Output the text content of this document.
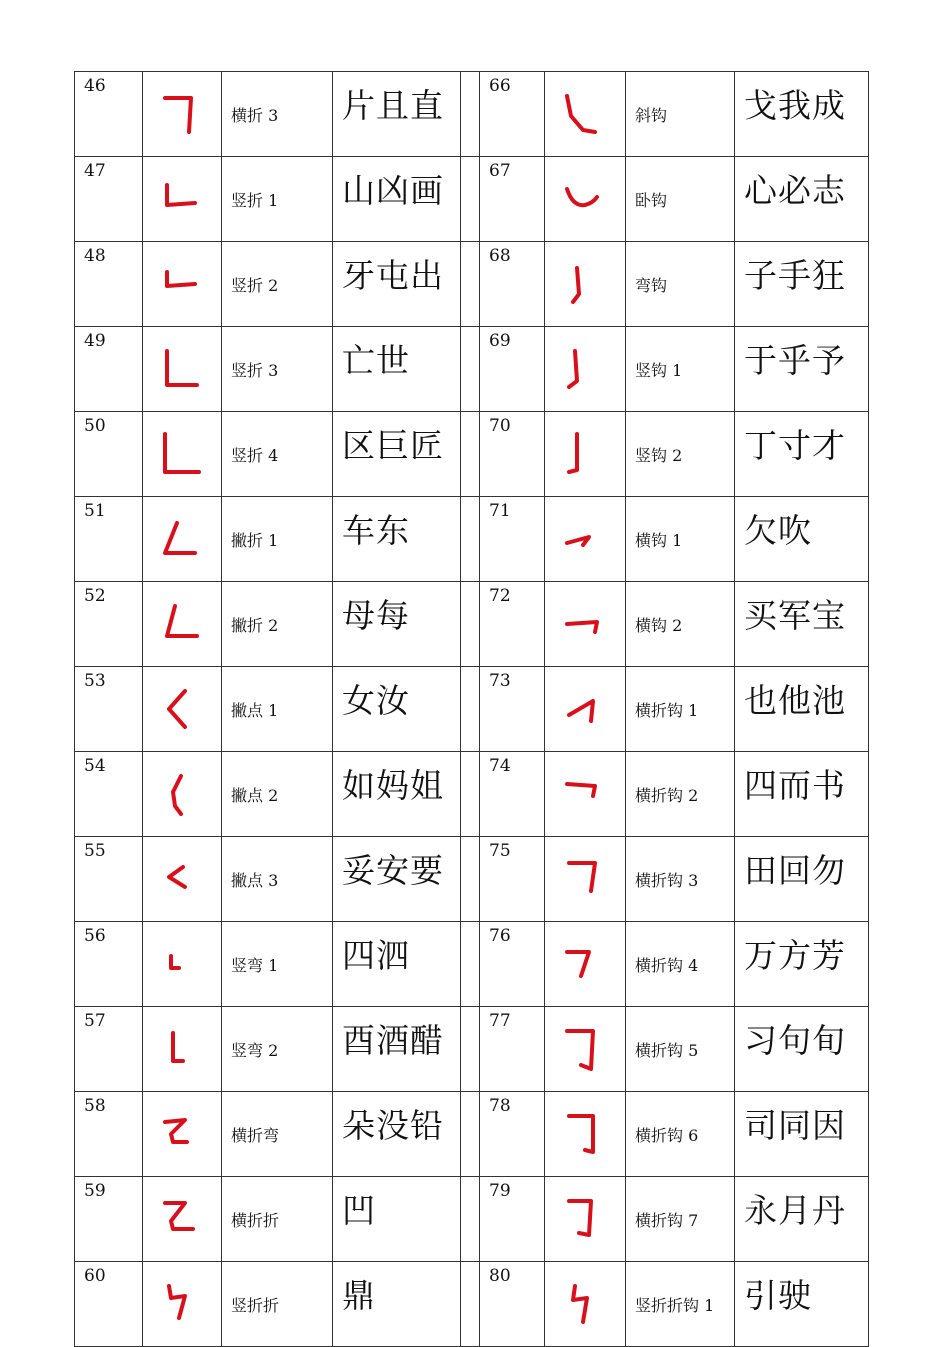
46		横折 3	片且直		66		斜钩	戈我成
47		竖折 1	山凶画		67		卧钩	心必志
48		竖折 2	牙屯出		68		弯钩	子手狂
49		竖折 3	亡世		69		竖钩 1	于乎予
50		竖折 4	区巨匠		70		竖钩 2	丁寸才
51		撇折 1	车东		71		横钩 1	欠吹
52		撇折 2	母每		72		横钩 2	买军宝
53		撇点 1	女汝		73		横折钩 1	也他池
54		撇点 2	如妈姐		74		横折钩 2	四而书
55		撇点 3	妥安要		75		横折钩 3	田回勿
56		竖弯 1	四泗		76		横折钩 4	万方芳
57		竖弯 2	酉酒醋		77		横折钩 5	习句旬
58		横折弯	朵没铅		78		横折钩 6	司同因
59		横折折	凹		79		横折钩 7	永月丹
60		竖折折	鼎		80		竖折折钩 1	引驶
